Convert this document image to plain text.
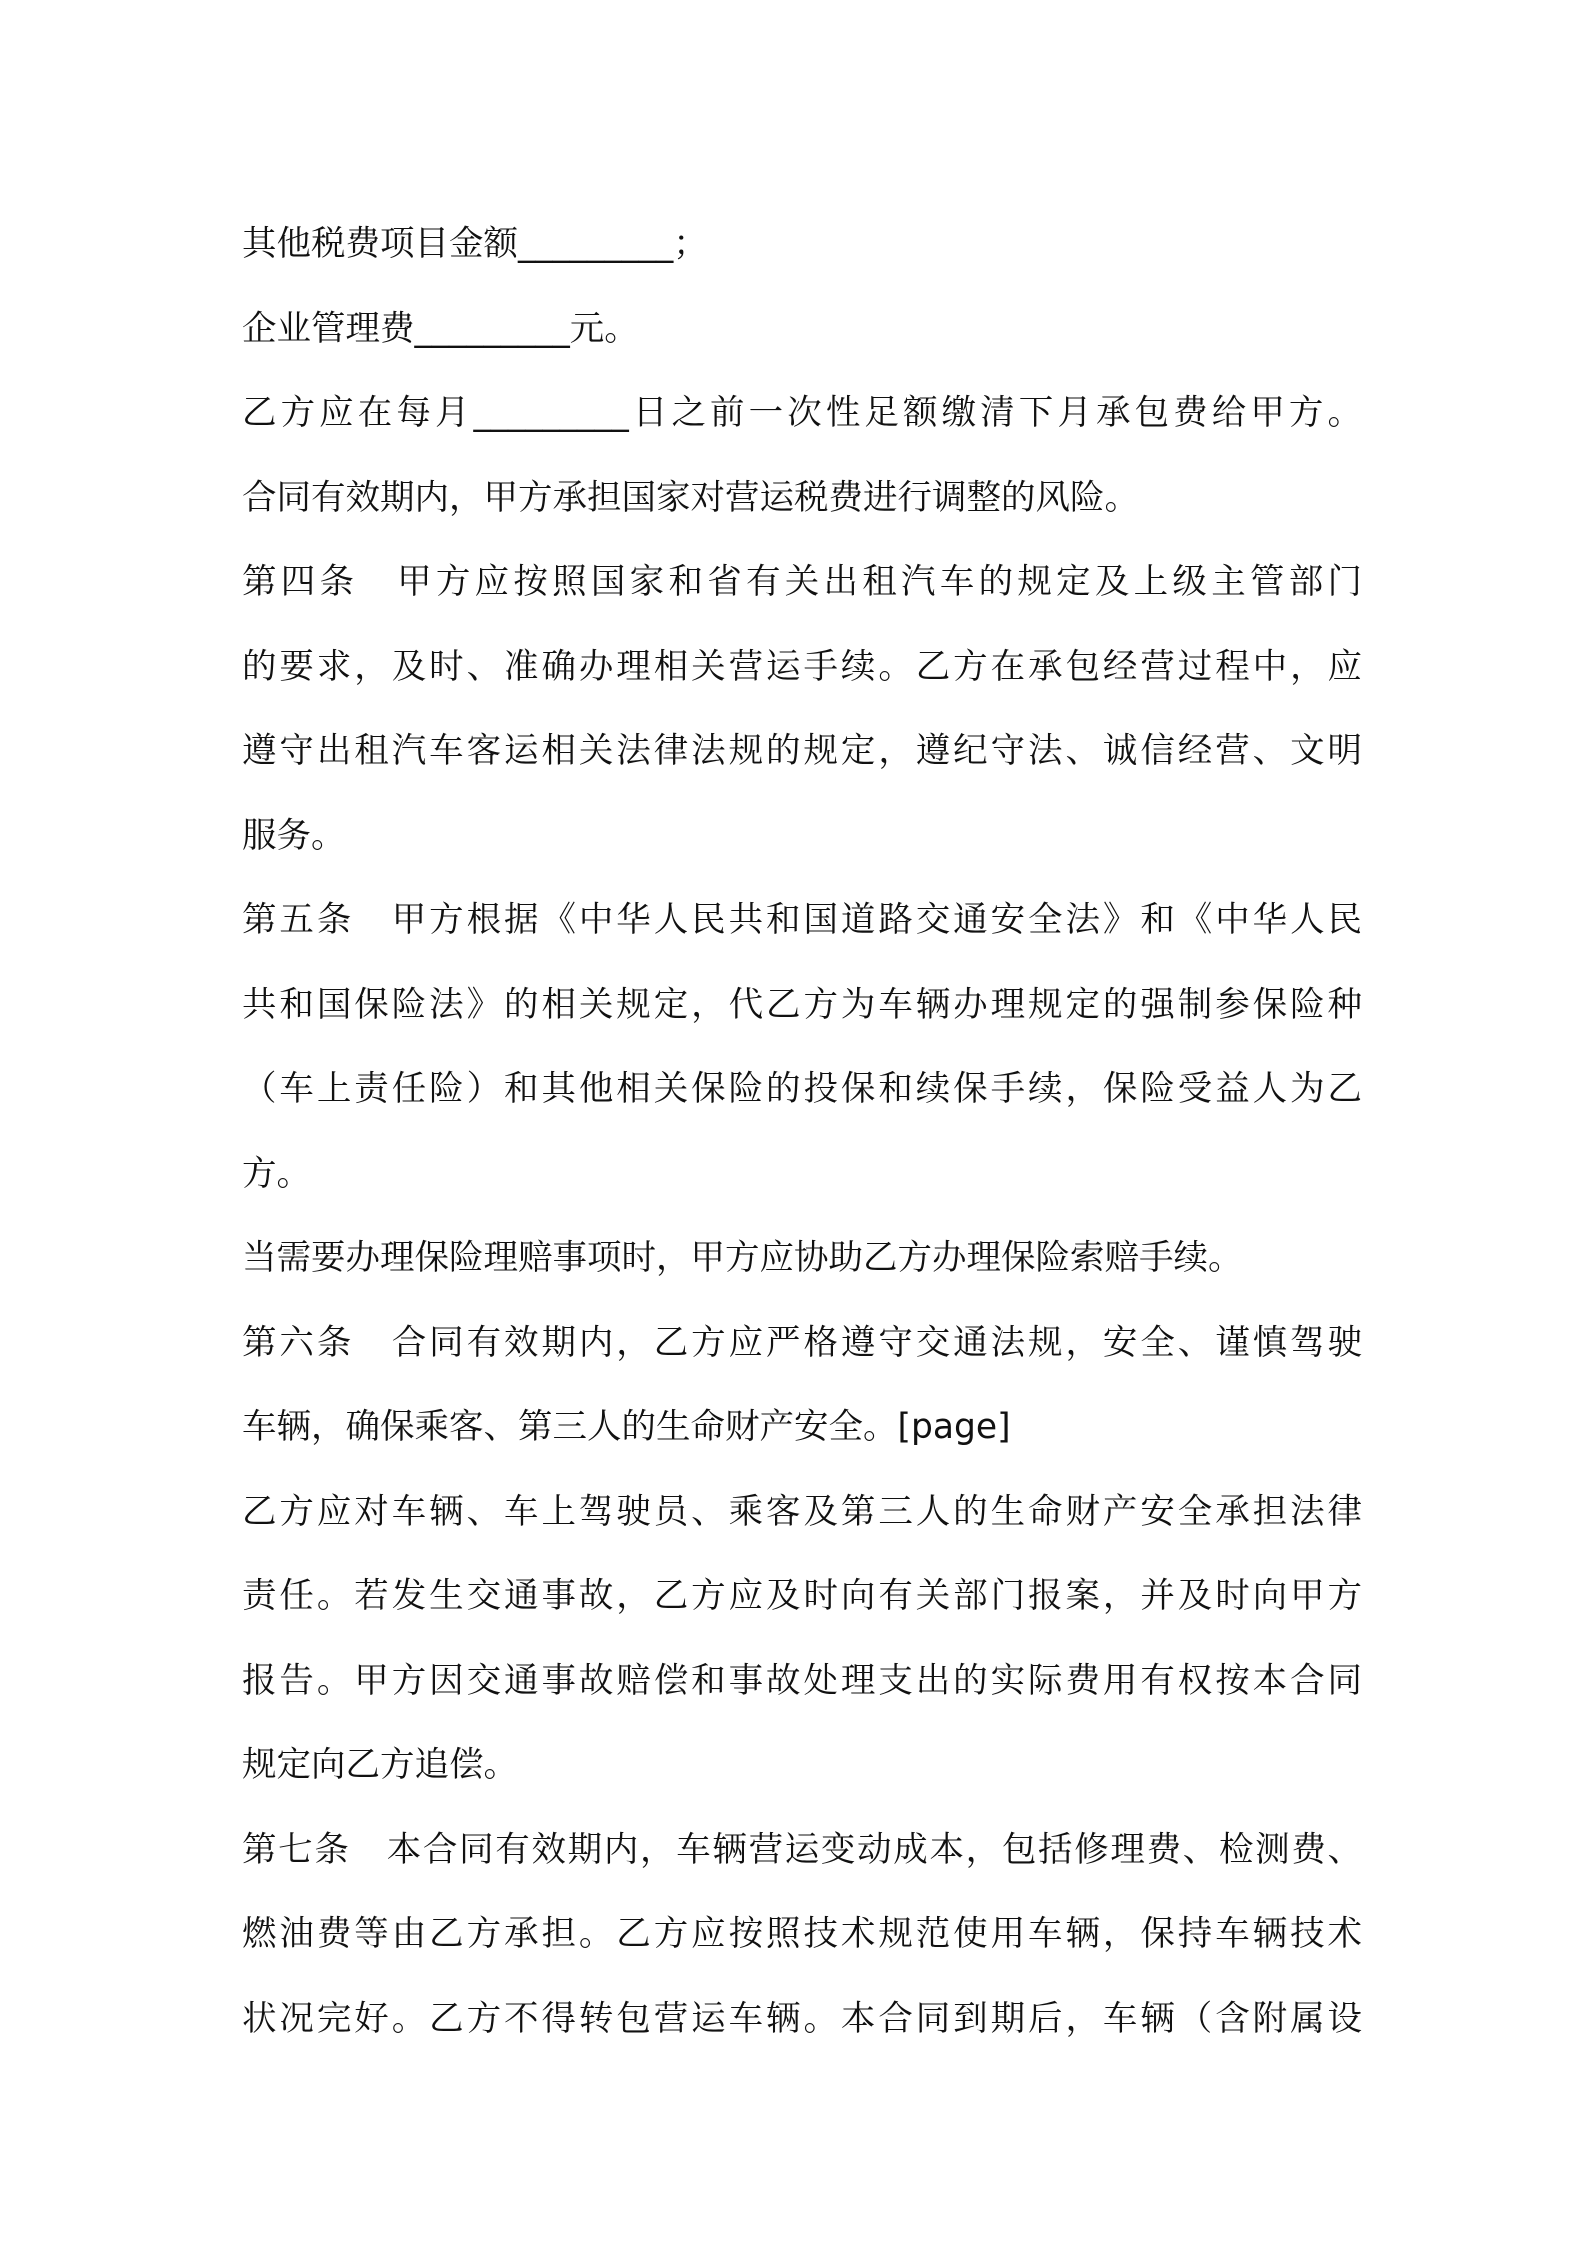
其他税费项目金额_________；
企业管理费_________元。
乙方应在每月_________日之前一次性足额缴清下月承包费给甲方。
合同有效期内，甲方承担国家对营运税费进行调整的风险。
第四条　甲方应按照国家和省有关出租汽车的规定及上级主管部门
的要求，及时、准确办理相关营运手续。乙方在承包经营过程中，应
遵守出租汽车客运相关法律法规的规定，遵纪守法、诚信经营、文明
服务。
第五条　甲方根据《中华人民共和国道路交通安全法》和《中华人民
共和国保险法》的相关规定，代乙方为车辆办理规定的强制参保险种
（车上责任险）和其他相关保险的投保和续保手续，保险受益人为乙
方。
当需要办理保险理赔事项时，甲方应协助乙方办理保险索赔手续。
第六条　合同有效期内，乙方应严格遵守交通法规，安全、谨慎驾驶
车辆，确保乘客、第三人的生命财产安全。[page]
乙方应对车辆、车上驾驶员、乘客及第三人的生命财产安全承担法律
责任。若发生交通事故，乙方应及时向有关部门报案，并及时向甲方
报告。甲方因交通事故赔偿和事故处理支出的实际费用有权按本合同
规定向乙方追偿。
第七条　本合同有效期内，车辆营运变动成本，包括修理费、检测费、
燃油费等由乙方承担。乙方应按照技术规范使用车辆，保持车辆技术
状况完好。乙方不得转包营运车辆。本合同到期后，车辆（含附属设
